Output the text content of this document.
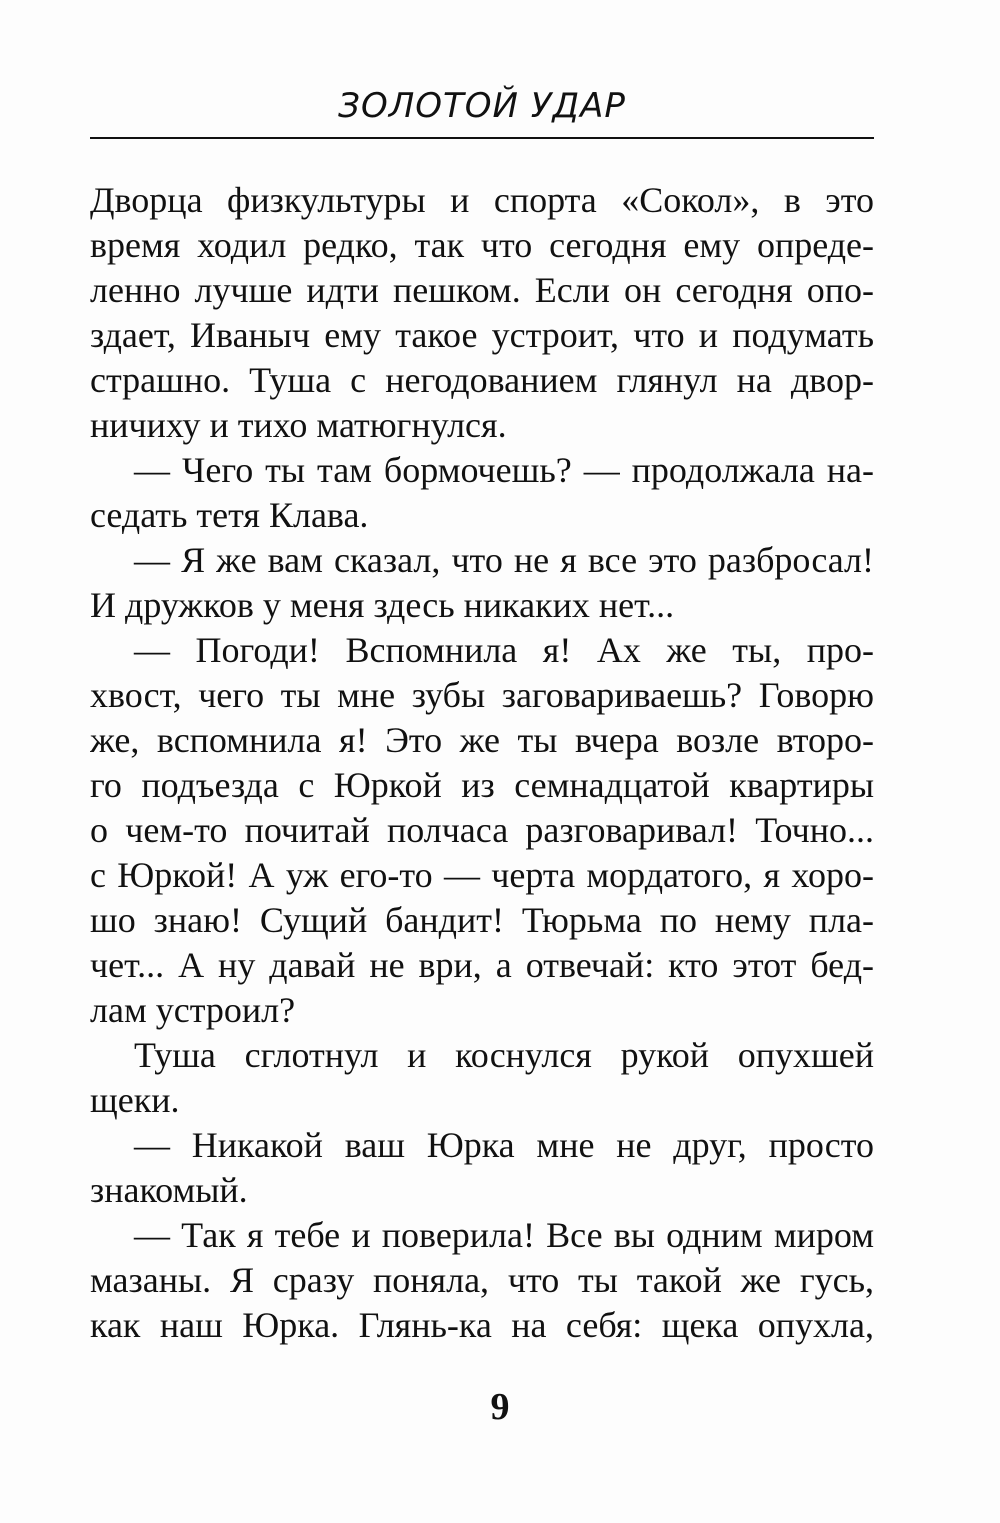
ЗОЛОТОЙ УДАР
Дворца физкультуры и спорта «Сокол», в это
время ходил редко, так что сегодня ему опреде-
ленно лучше идти пешком. Если он сегодня опо-
здает, Иваныч ему такое устроит, что и подумать
страшно. Туша с негодованием глянул на двор-
ничиху и тихо матюгнулся.
— Чего ты там бормочешь? — продолжала на-
седать тетя Клава.
— Я же вам сказал, что не я все это разбросал!
И дружков у меня здесь никаких нет...
— Погоди! Вспомнила я! Ах же ты, про-
хвост, чего ты мне зубы заговариваешь? Говорю
же, вспомнила я! Это же ты вчера возле второ-
го подъезда с Юркой из семнадцатой квартиры
о чем-то почитай полчаса разговаривал! Точно...
с Юркой! А уж его-то — черта мордатого, я хоро-
шо знаю! Сущий бандит! Тюрьма по нему пла-
чет... А ну давай не ври, а отвечай: кто этот бед-
лам устроил?
Туша сглотнул и коснулся рукой опухшей
щеки.
— Никакой ваш Юрка мне не друг, просто
знакомый.
— Так я тебе и поверила! Все вы одним миром
мазаны. Я сразу поняла, что ты такой же гусь,
как наш Юрка. Глянь-ка на себя: щека опухла,
9
